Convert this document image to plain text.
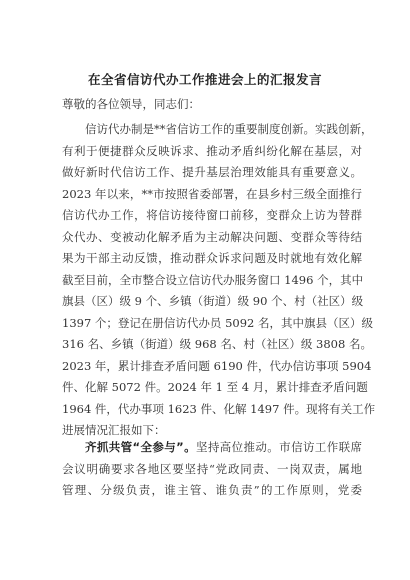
在全省信访代办工作推进会上的汇报发言
尊敬的各位领导，同志们：
信访代办制是**省信访工作的重要制度创新。实践创新，
有利于便捷群众反映诉求、推动矛盾纠纷化解在基层，对
做好新时代信访工作、提升基层治理效能具有重要意义。
2023 年以来，**市按照省委部署，在县乡村三级全面推行
信访代办工作，将信访接待窗口前移，变群众上访为替群
众代办、变被动化解矛盾为主动解决问题、变群众等待结
果为干部主动反馈，推动群众诉求问题及时就地有效化解
截至目前，全市整合设立信访代办服务窗口 1496 个，其中
旗县（区）级 9 个、乡镇（街道）级 90 个、村（社区）级
1397 个；登记在册信访代办员 5092 名，其中旗县（区）级
316 名、乡镇（街道）级 968 名、村（社区）级 3808 名。
2023 年，累计排查矛盾问题 6190 件，代办信访事项 5904
件、化解 5072 件。2024 年 1 至 4 月，累计排查矛盾问题
1964 件，代办事项 1623 件、化解 1497 件。现将有关工作
进展情况汇报如下：
齐抓共管“全参与”。坚持高位推动。市信访工作联席
会议明确要求各地区要坚持“党政同责、一岗双责，属地
管理、分级负责，谁主管、谁负责”的工作原则，党委
